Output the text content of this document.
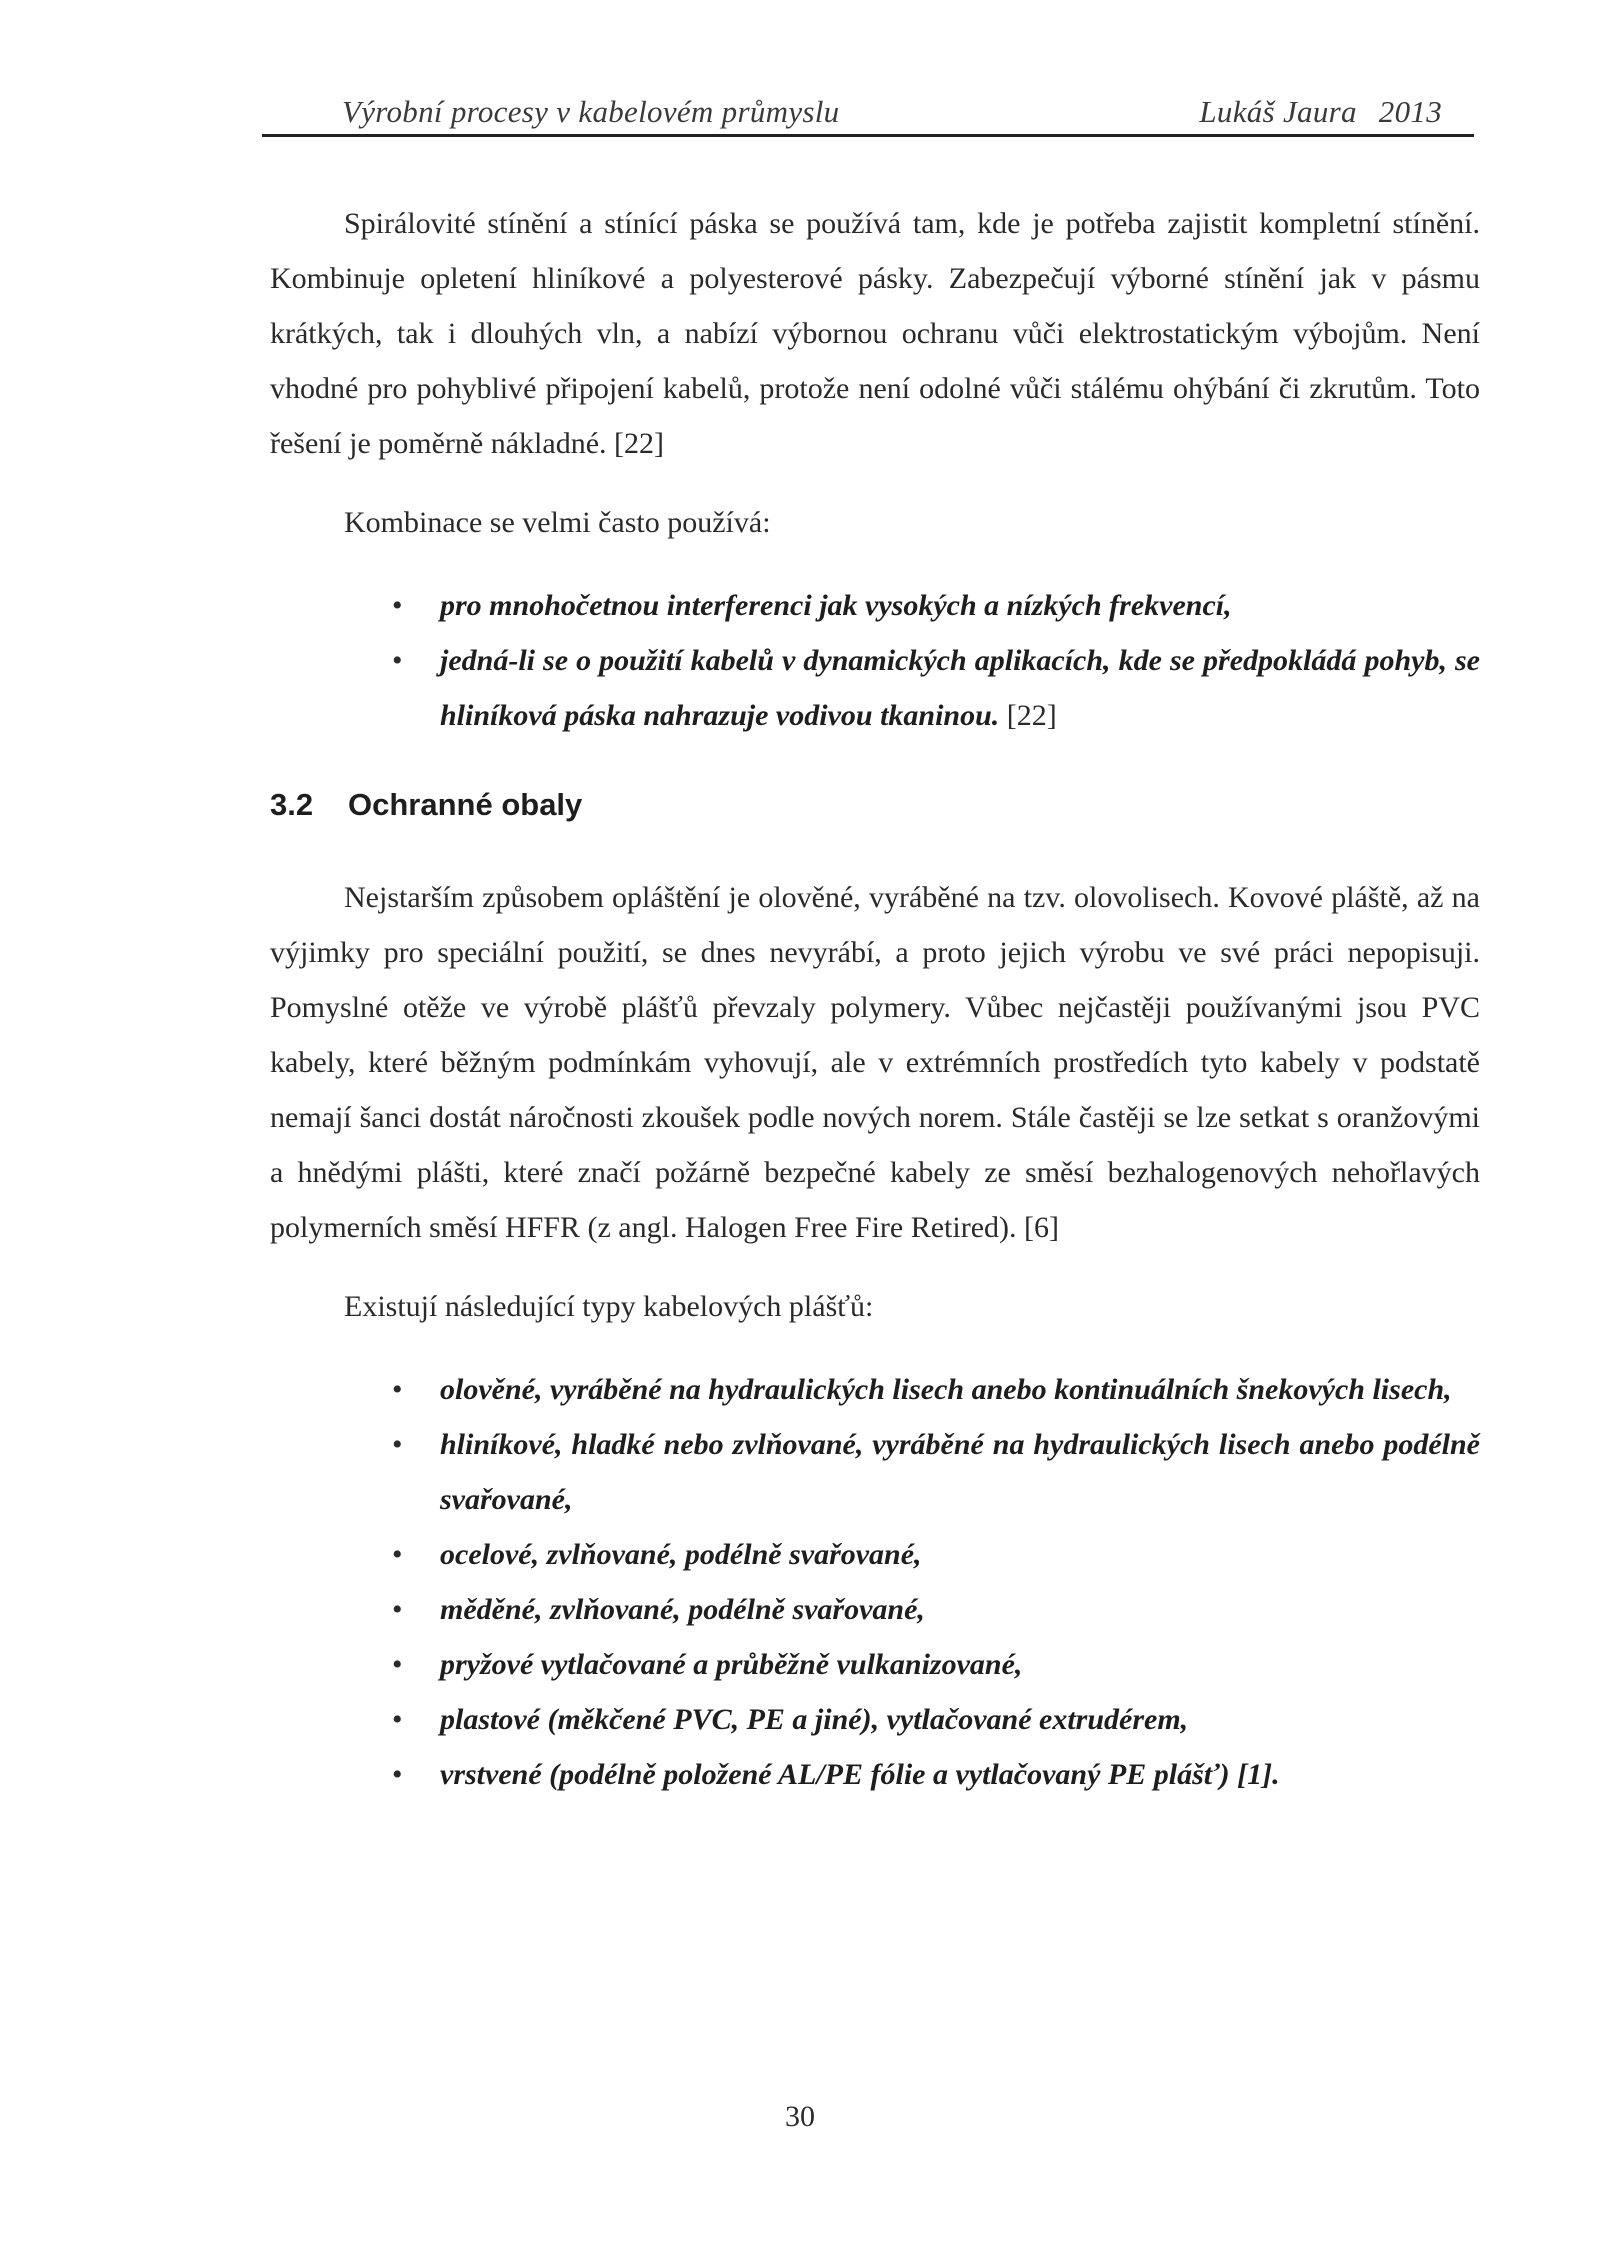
Výrobní procesy v kabelovém průmyslu	Lukáš Jaura 2013

Spirálovité stínění a stínící páska se používá tam, kde je potřeba zajistit kompletní stínění. Kombinuje opletení hliníkové a polyesterové pásky. Zabezpečují výborné stínění jak v pásmu krátkých, tak i dlouhých vln, a nabízí výbornou ochranu vůči elektrostatickým výbojům. Není vhodné pro pohyblivé připojení kabelů, protože není odolné vůči stálému ohýbání či zkrutům. Toto řešení je poměrně nákladné. [22]

Kombinace se velmi často používá:

• pro mnohočetnou interferenci jak vysokých a nízkých frekvencí,
• jedná-li se o použití kabelů v dynamických aplikacích, kde se předpokládá pohyb, se hliníková páska nahrazuje vodivou tkaninou. [22]
3.2 Ochranné obaly

Nejstarším způsobem opláštění je olověné, vyráběné na tzv. olovolisech. Kovové pláště, až na výjimky pro speciální použití, se dnes nevyrábí, a proto jejich výrobu ve své práci nepopisuji. Pomyslné otěže ve výrobě plášťů převzaly polymery. Vůbec nejčastěji používanými jsou PVC kabely, které běžným podmínkám vyhovují, ale v extrémních prostředích tyto kabely v podstatě nemají šanci dostát náročnosti zkoušek podle nových norem. Stále častěji se lze setkat s oranžovými a hnědými plášti, které značí požárně bezpečné kabely ze směsí bezhalogenových nehořlavých polymerních směsí HFFR (z angl. Halogen Free Fire Retired). [6]

Existují následující typy kabelových plášťů:

• olověné, vyráběné na hydraulických lisech anebo kontinuálních šnekových lisech,
• hliníkové, hladké nebo zvlňované, vyráběné na hydraulických lisech anebo podélně svařované,
• ocelové, zvlňované, podélně svařované,
• měděné, zvlňované, podélně svařované,
• pryžové vytlačované a průběžně vulkanizované,
• plastové (měkčené PVC, PE a jiné), vytlačované extrudérem,
• vrstvené (podélně položené AL/PE fólie a vytlačovaný PE plášť) [1].
30
